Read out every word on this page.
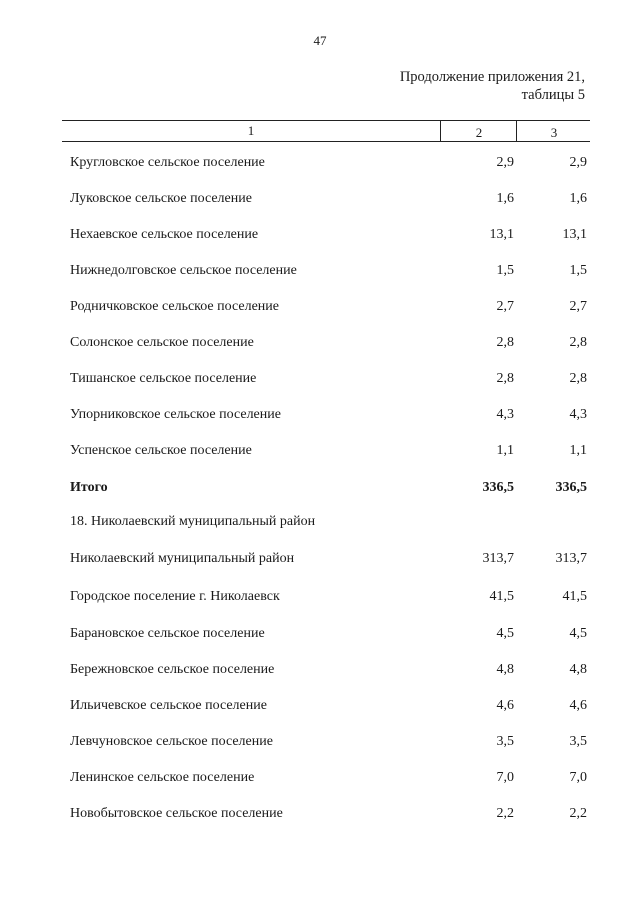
47
Продолжение приложения 21,
таблицы 5
1	2	3
Кругловское сельское поселение	2,9	2,9
Луковское сельское поселение	1,6	1,6
Нехаевское сельское поселение	13,1	13,1
Нижнедолговское сельское поселение	1,5	1,5
Родничковское сельское поселение	2,7	2,7
Солонское сельское поселение	2,8	2,8
Тишанское сельское поселение	2,8	2,8
Упорниковское сельское поселение	4,3	4,3
Успенское сельское поселение	1,1	1,1
Итого	336,5	336,5
18. Николаевский муниципальный район
Николаевский муниципальный район	313,7	313,7
Городское поселение г. Николаевск	41,5	41,5
Барановское сельское поселение	4,5	4,5
Бережновское сельское поселение	4,8	4,8
Ильичевское сельское поселение	4,6	4,6
Левчуновское сельское поселение	3,5	3,5
Ленинское сельское поселение	7,0	7,0
Новобытовское сельское поселение	2,2	2,2
